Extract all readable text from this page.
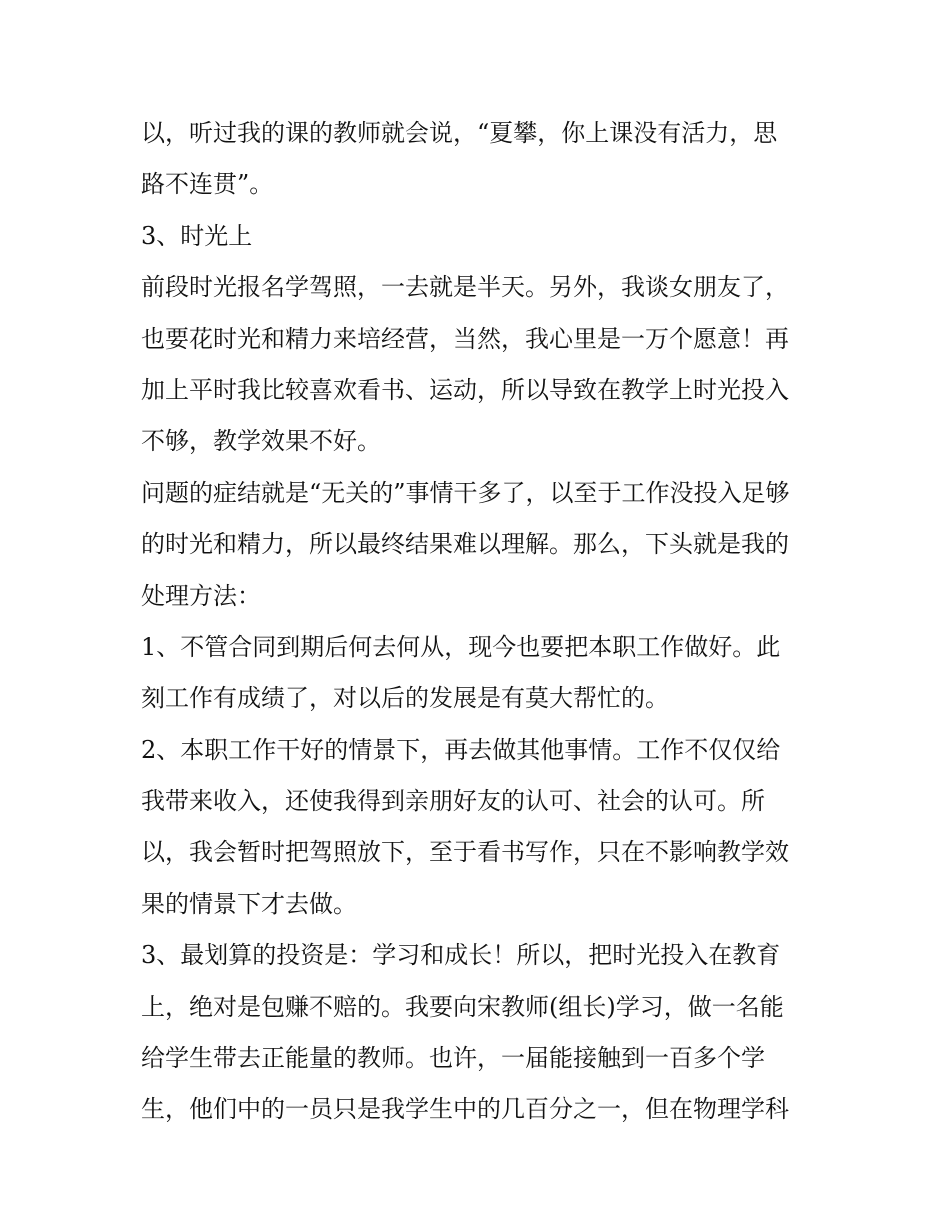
以，听过我的课的教师就会说，“夏攀，你上课没有活力，思
路不连贯”。
3、时光上
前段时光报名学驾照，一去就是半天。另外，我谈女朋友了，
也要花时光和精力来培经营，当然，我心里是一万个愿意！再
加上平时我比较喜欢看书、运动，所以导致在教学上时光投入
不够，教学效果不好。
问题的症结就是“无关的”事情干多了，以至于工作没投入足够
的时光和精力，所以最终结果难以理解。那么，下头就是我的
处理方法：
1、不管合同到期后何去何从，现今也要把本职工作做好。此
刻工作有成绩了，对以后的发展是有莫大帮忙的。
2、本职工作干好的情景下，再去做其他事情。工作不仅仅给
我带来收入，还使我得到亲朋好友的认可、社会的认可。所
以，我会暂时把驾照放下，至于看书写作，只在不影响教学效
果的情景下才去做。
3、最划算的投资是：学习和成长！所以，把时光投入在教育
上，绝对是包赚不赔的。我要向宋教师(组长)学习，做一名能
给学生带去正能量的教师。也许，一届能接触到一百多个学
生，他们中的一员只是我学生中的几百分之一，但在物理学科
